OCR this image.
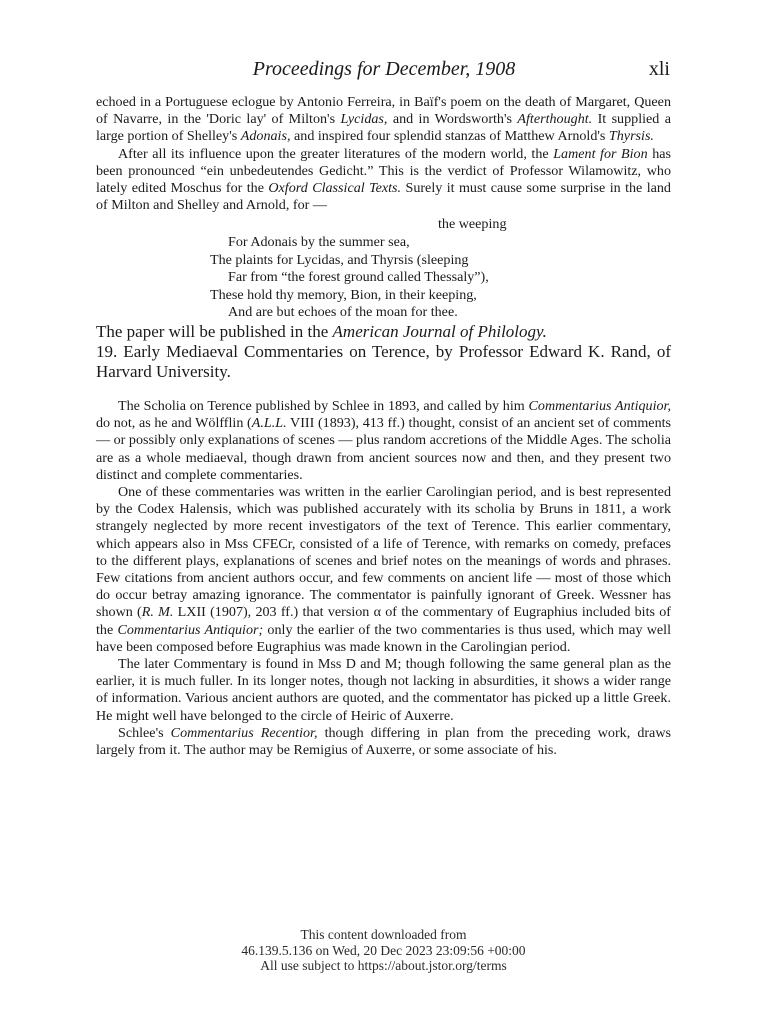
Proceedings for December, 1908	xli

echoed in a Portuguese eclogue by Antonio Ferreira, in Baïf's poem on the death of Margaret, Queen of Navarre, in the 'Doric lay' of Milton's Lycidas, and in Wordsworth's Afterthought. It supplied a large portion of Shelley's Adonais, and inspired four splendid stanzas of Matthew Arnold's Thyrsis.

After all its influence upon the greater literatures of the modern world, the Lament for Bion has been pronounced “ein unbedeutendes Gedicht.” This is the verdict of Professor Wilamowitz, who lately edited Moschus for the Oxford Classical Texts. Surely it must cause some surprise in the land of Milton and Shelley and Arnold, for —

the weeping
For Adonais by the summer sea,
The plaints for Lycidas, and Thyrsis (sleeping
Far from “the forest ground called Thessaly”),
These hold thy memory, Bion, in their keeping,
And are but echoes of the moan for thee.

The paper will be published in the American Journal of Philology.

19. Early Mediaeval Commentaries on Terence, by Professor Edward K. Rand, of Harvard University.

The Scholia on Terence published by Schlee in 1893, and called by him Commentarius Antiquior, do not, as he and Wölfflin (A.L.L. VIII (1893), 413 ff.) thought, consist of an ancient set of comments — or possibly only explanations of scenes — plus random accretions of the Middle Ages. The scholia are as a whole mediaeval, though drawn from ancient sources now and then, and they present two distinct and complete commentaries.

One of these commentaries was written in the earlier Carolingian period, and is best represented by the Codex Halensis, which was published accurately with its scholia by Bruns in 1811, a work strangely neglected by more recent investigators of the text of Terence. This earlier commentary, which appears also in Mss CFECr, consisted of a life of Terence, with remarks on comedy, prefaces to the different plays, explanations of scenes and brief notes on the meanings of words and phrases. Few citations from ancient authors occur, and few comments on ancient life — most of those which do occur betray amazing ignorance. The commentator is painfully ignorant of Greek. Wessner has shown (R. M. LXII (1907), 203 ff.) that version α of the commentary of Eugraphius included bits of the Commentarius Antiquior; only the earlier of the two commentaries is thus used, which may well have been composed before Eugraphius was made known in the Carolingian period.

The later Commentary is found in Mss D and M; though following the same general plan as the earlier, it is much fuller. In its longer notes, though not lacking in absurdities, it shows a wider range of information. Various ancient authors are quoted, and the commentator has picked up a little Greek. He might well have belonged to the circle of Heiric of Auxerre.

Schlee's Commentarius Recentior, though differing in plan from the preceding work, draws largely from it. The author may be Remigius of Auxerre, or some associate of his.

This content downloaded from
46.139.5.136 on Wed, 20 Dec 2023 23:09:56 +00:00
All use subject to https://about.jstor.org/terms
